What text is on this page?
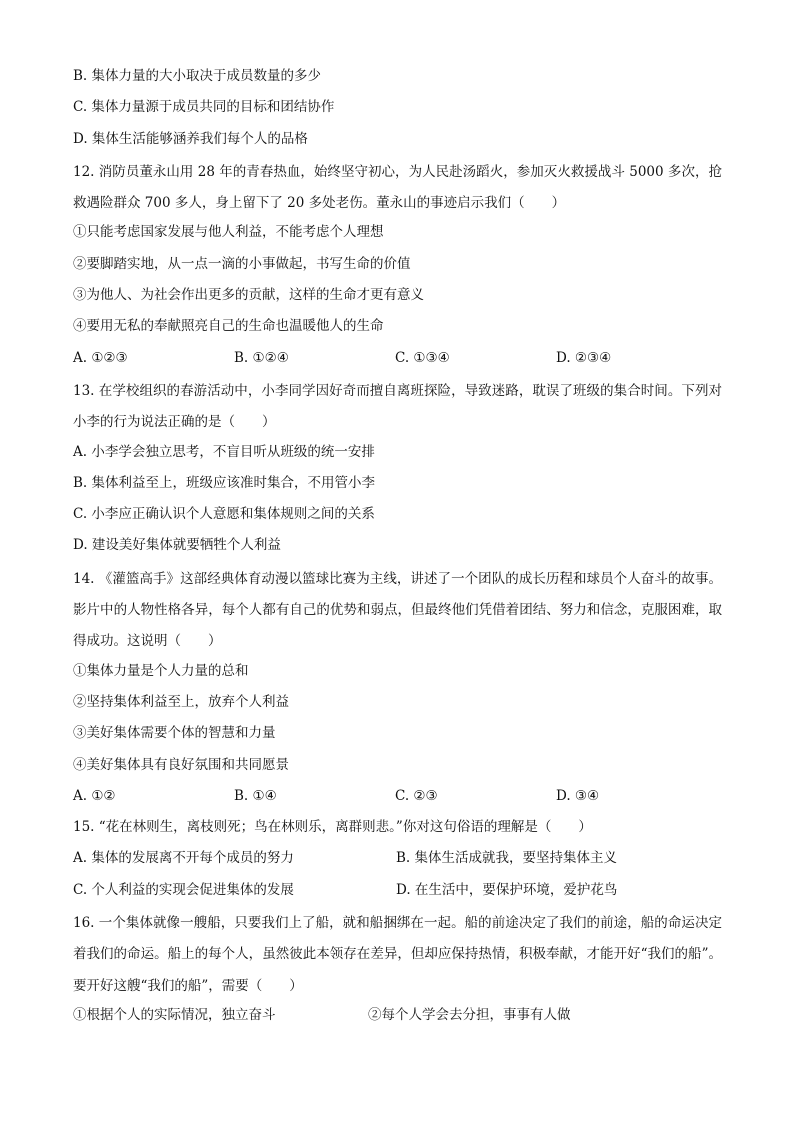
B. 集体力量的大小取决于成员数量的多少
C. 集体力量源于成员共同的目标和团结协作
D. 集体生活能够涵养我们每个人的品格
12. 消防员董永山用 28 年的青春热血，始终坚守初心，为人民赴汤蹈火，参加灭火救援战斗 5000 多次，抢救遇险群众 700 多人，身上留下了 20 多处老伤。董永山的事迹启示我们（　　）
①只能考虑国家发展与他人利益，不能考虑个人理想
②要脚踏实地，从一点一滴的小事做起，书写生命的价值
③为他人、为社会作出更多的贡献，这样的生命才更有意义
④要用无私的奉献照亮自己的生命也温暖他人的生命
A. ①②③	B. ①②④	C. ①③④	D. ②③④
13. 在学校组织的春游活动中，小李同学因好奇而擅自离班探险，导致迷路，耽误了班级的集合时间。下列对小李的行为说法正确的是（　　）
A. 小李学会独立思考，不盲目听从班级的统一安排
B. 集体利益至上，班级应该准时集合，不用管小李
C. 小李应正确认识个人意愿和集体规则之间的关系
D. 建设美好集体就要牺牲个人利益
14. 《灌篮高手》这部经典体育动漫以篮球比赛为主线，讲述了一个团队的成长历程和球员个人奋斗的故事。影片中的人物性格各异，每个人都有自己的优势和弱点，但最终他们凭借着团结、努力和信念，克服困难，取得成功。这说明（　　）
①集体力量是个人力量的总和
②坚持集体利益至上，放弃个人利益
③美好集体需要个体的智慧和力量
④美好集体具有良好氛围和共同愿景
A. ①②	B. ①④	C. ②③	D. ③④
15. “花在林则生，离枝则死；鸟在林则乐，离群则悲。”你对这句俗语的理解是（　　）
A. 集体的发展离不开每个成员的努力	B. 集体生活成就我，要坚持集体主义
C. 个人利益的实现会促进集体的发展	D. 在生活中，要保护环境，爱护花鸟
16. 一个集体就像一艘船，只要我们上了船，就和船捆绑在一起。船的前途决定了我们的前途，船的命运决定着我们的命运。船上的每个人，虽然彼此本领存在差异，但却应保持热情，积极奉献，才能开好“我们的船”。要开好这艘“我们的船”，需要（　　）
①根据个人的实际情况，独立奋斗	②每个人学会去分担，事事有人做
